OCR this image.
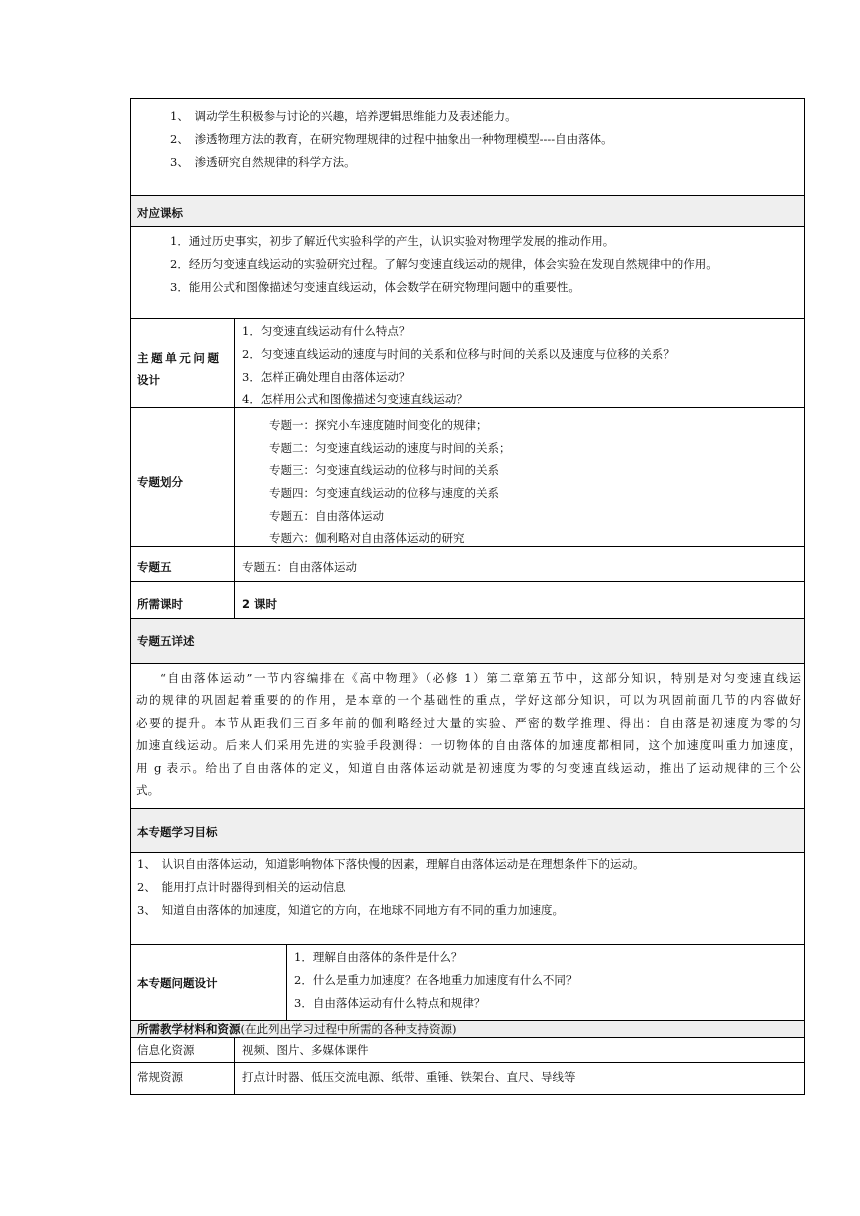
1、　调动学生积极参与讨论的兴趣，培养逻辑思维能力及表述能力。
2、　渗透物理方法的教育，在研究物理规律的过程中抽象出一种物理模型----自由落体。
3、　渗透研究自然规律的科学方法。
对应课标
1．通过历史事实，初步了解近代实验科学的产生，认识实验对物理学发展的推动作用。
2．经历匀变速直线运动的实验研究过程。了解匀变速直线运动的规律，体会实验在发现自然规律中的作用。
3．能用公式和图像描述匀变速直线运动，体会数学在研究物理问题中的重要性。
主题单元问题
设计
1．匀变速直线运动有什么特点？
2．匀变速直线运动的速度与时间的关系和位移与时间的关系以及速度与位移的关系？
3．怎样正确处理自由落体运动？
4．怎样用公式和图像描述匀变速直线运动？
专题划分
专题一：探究小车速度随时间变化的规律；
专题二：匀变速直线运动的速度与时间的关系；
专题三：匀变速直线运动的位移与时间的关系
专题四：匀变速直线运动的位移与速度的关系
专题五：自由落体运动
专题六：伽利略对自由落体运动的研究
专题五	专题五：自由落体运动
所需课时	2 课时
专题五详述
“自由落体运动”一节内容编排在《高中物理》（必修 1）第二章第五节中，这部分知识，特别是对匀变速直线运
动的规律的巩固起着重要的的作用，是本章的一个基础性的重点，学好这部分知识，可以为巩固前面几节的内容做好
必要的提升。本节从距我们三百多年前的伽利略经过大量的实验、严密的数学推理、得出：自由落是初速度为零的匀
加速直线运动。后来人们采用先进的实验手段测得：一切物体的自由落体的加速度都相同，这个加速度叫重力加速度，
用 g 表示。给出了自由落体的定义，知道自由落体运动就是初速度为零的匀变速直线运动，推出了运动规律的三个公
式。
本专题学习目标
1、　认识自由落体运动，知道影响物体下落快慢的因素，理解自由落体运动是在理想条件下的运动。
2、　能用打点计时器得到相关的运动信息
3、　知道自由落体的加速度，知道它的方向，在地球不同地方有不同的重力加速度。
本专题问题设计
1．理解自由落体的条件是什么？
2．什么是重力加速度？在各地重力加速度有什么不同？
3．自由落体运动有什么特点和规律？
所需教学材料和资源(在此列出学习过程中所需的各种支持资源)
信息化资源	视频、图片、多媒体课件
常规资源	打点计时器、低压交流电源、纸带、重锤、铁架台、直尺、导线等
